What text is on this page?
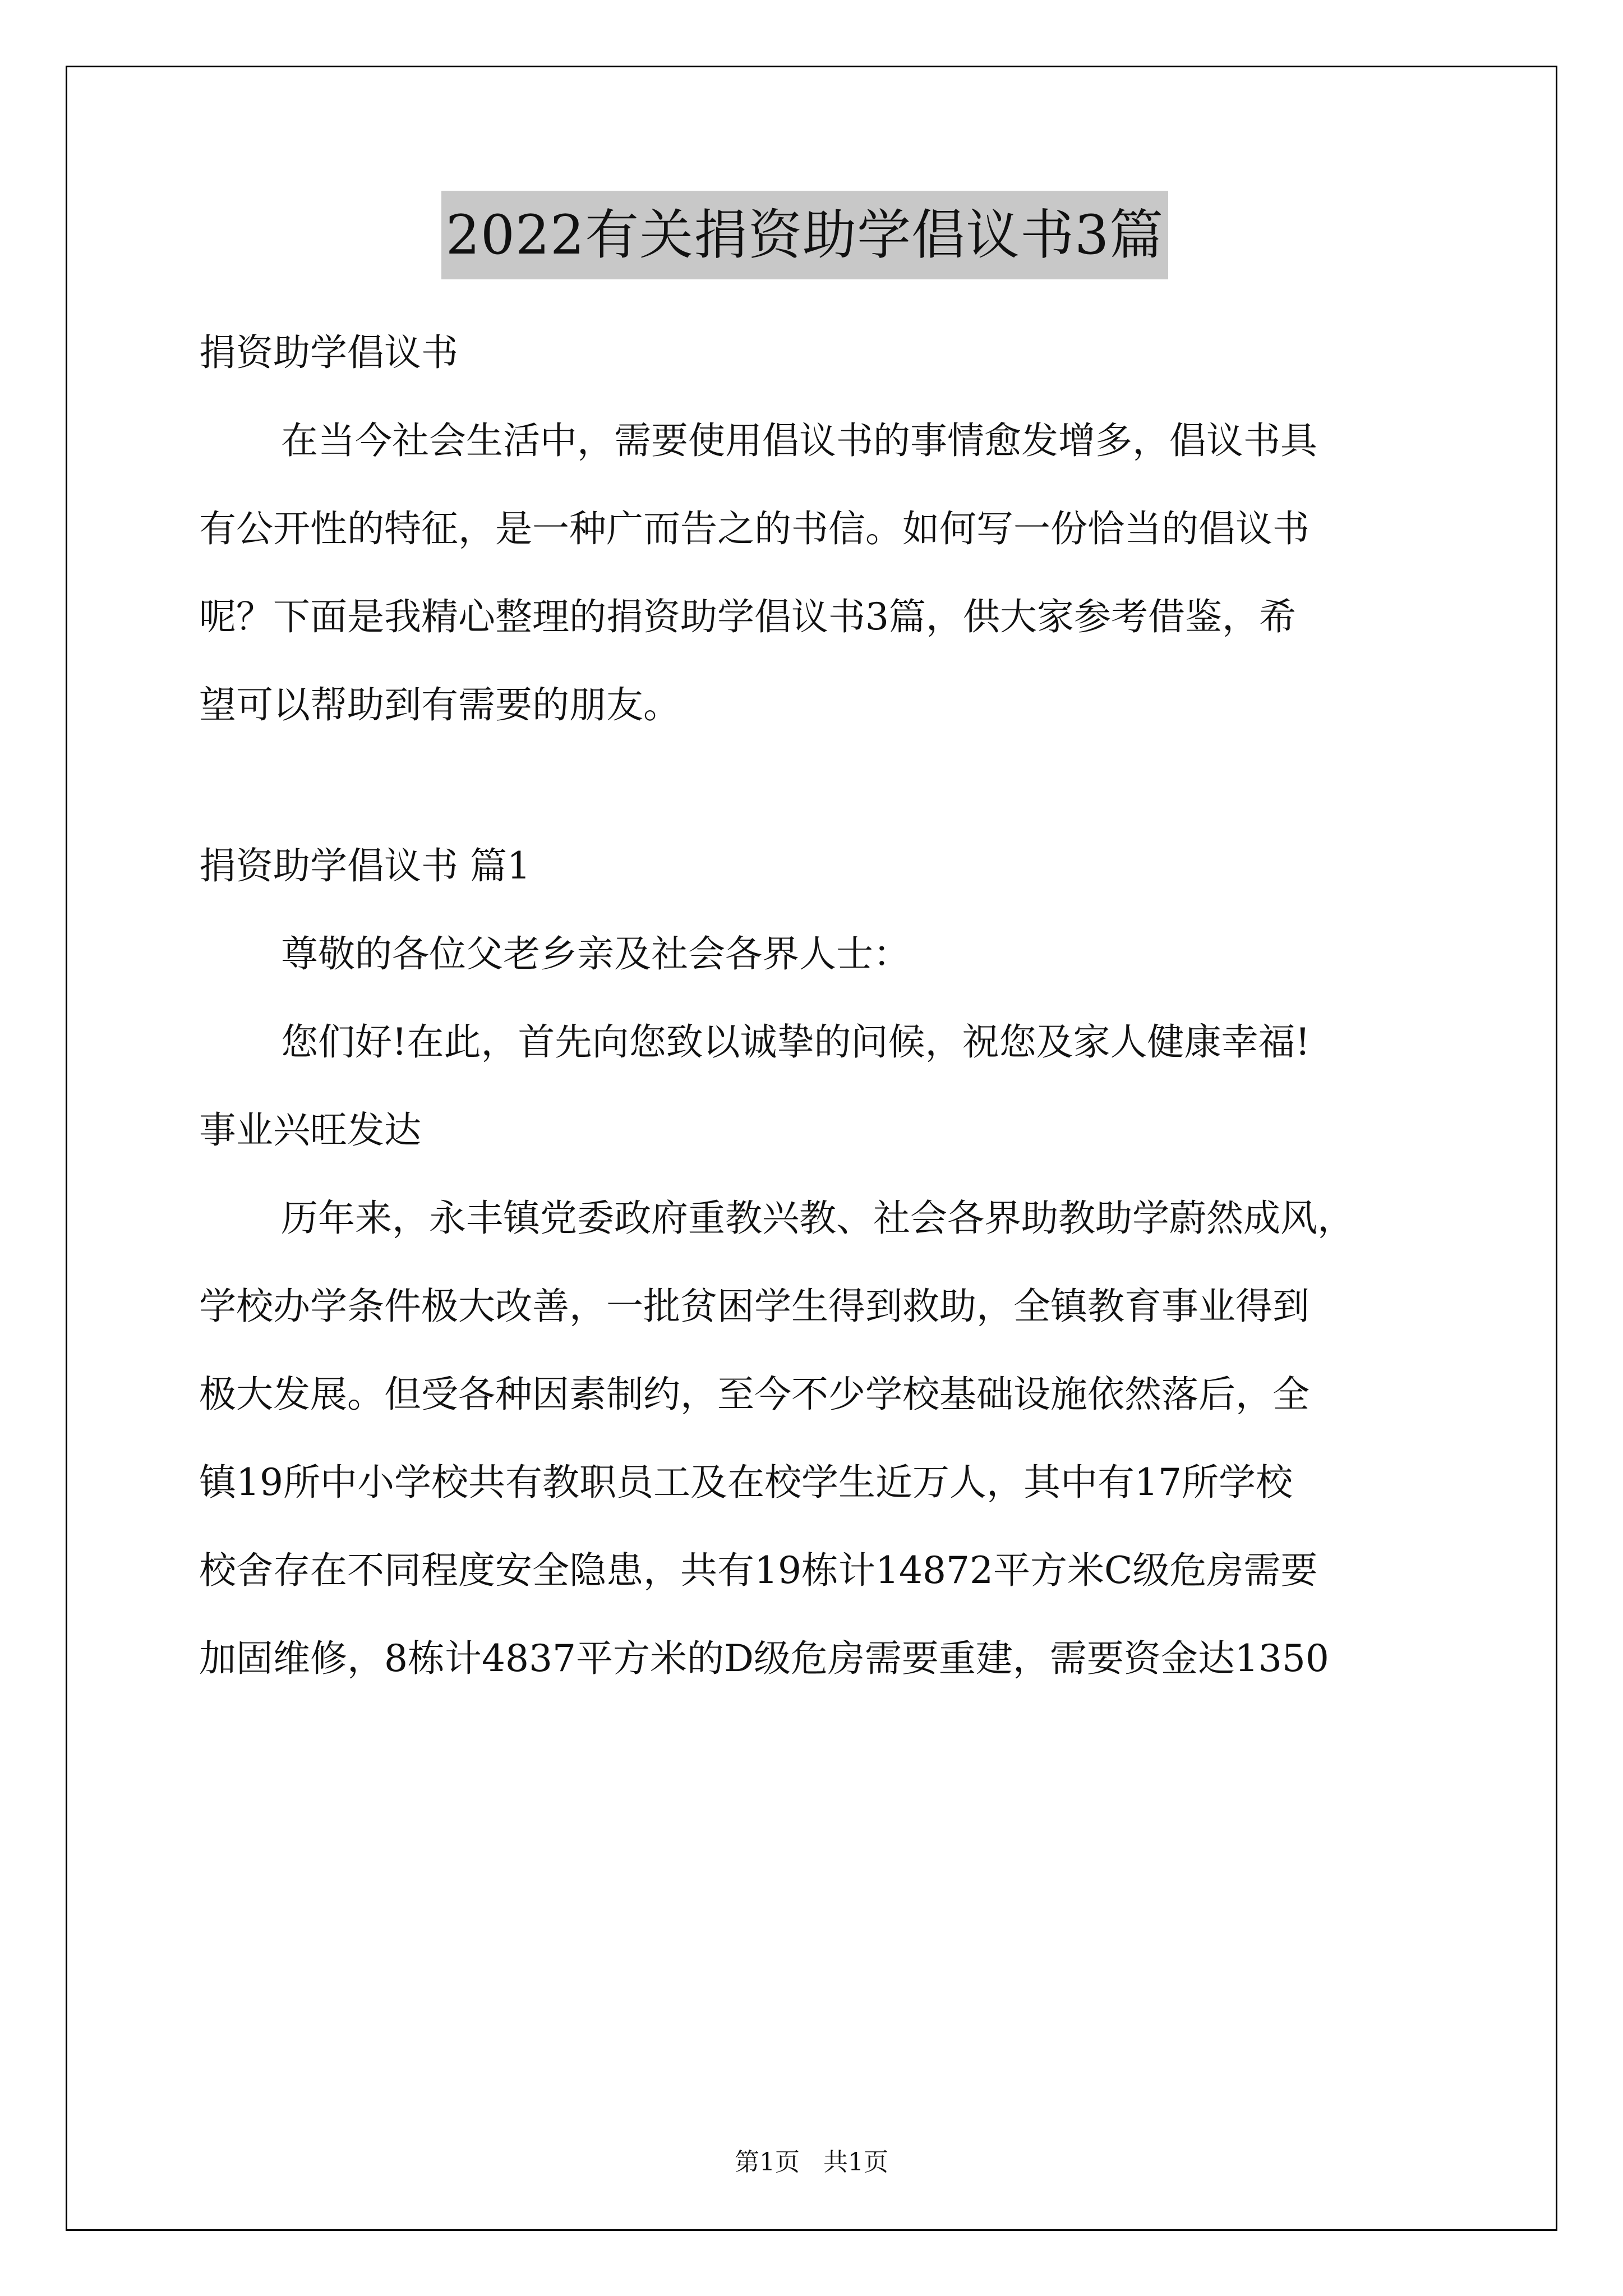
2022有关捐资助学倡议书3篇

捐资助学倡议书

在当今社会生活中，需要使用倡议书的事情愈发增多，倡议书具

有公开性的特征，是一种广而告之的书信。如何写一份恰当的倡议书

呢？下面是我精心整理的捐资助学倡议书3篇，供大家参考借鉴，希

望可以帮助到有需要的朋友。

捐资助学倡议书 篇1

尊敬的各位父老乡亲及社会各界人士：

您们好!在此，首先向您致以诚挚的问候，祝您及家人健康幸福!

事业兴旺发达

历年来，永丰镇党委政府重教兴教、社会各界助教助学蔚然成风，

学校办学条件极大改善，一批贫困学生得到救助，全镇教育事业得到

极大发展。但受各种因素制约，至今不少学校基础设施依然落后，全

镇19所中小学校共有教职员工及在校学生近万人，其中有17所学校

校舍存在不同程度安全隐患，共有19栋计14872平方米C级危房需要

加固维修，8栋计4837平方米的D级危房需要重建，需要资金达1350

第1页   共1页
